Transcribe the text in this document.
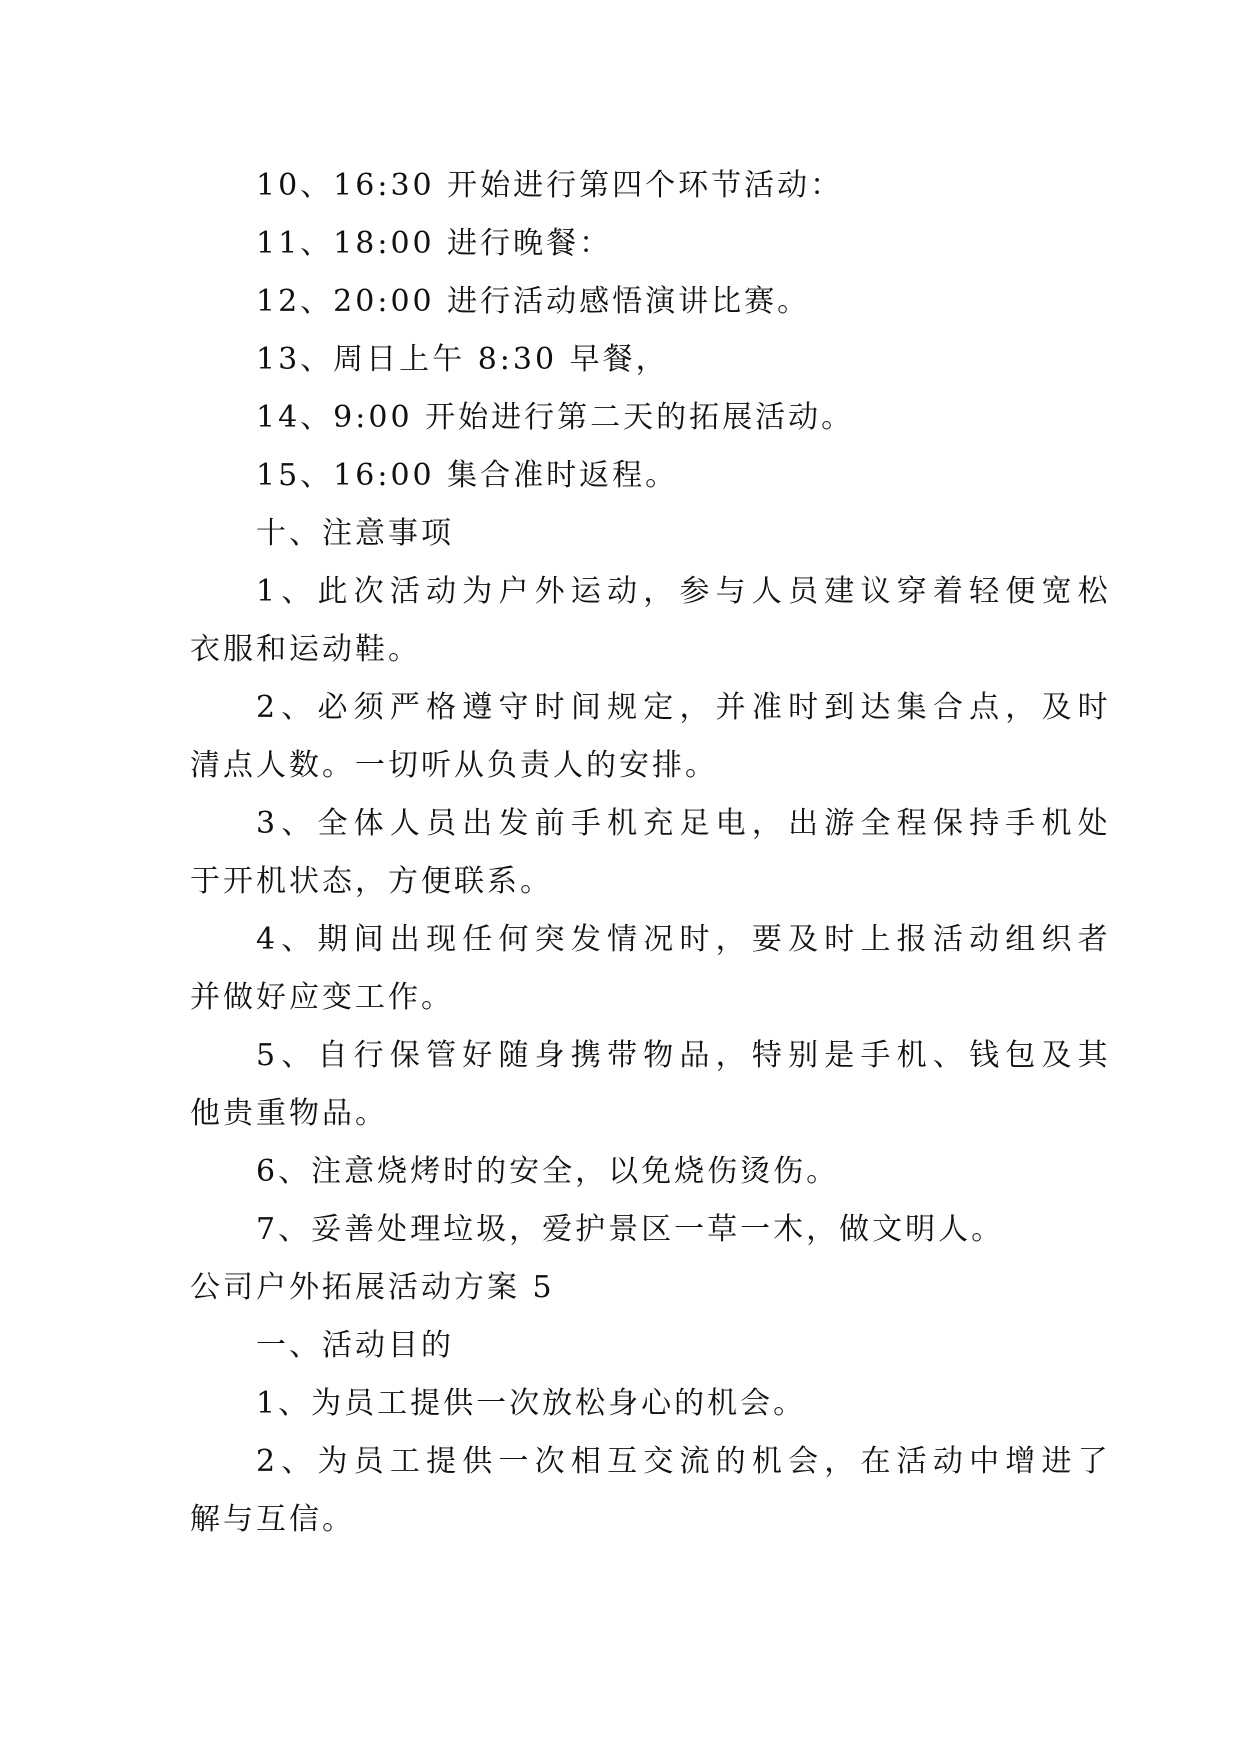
10、16:30 开始进行第四个环节活动：
11、18:00 进行晚餐：
12、20:00 进行活动感悟演讲比赛。
13、周日上午 8:30 早餐，
14、9:00 开始进行第二天的拓展活动。
15、16:00 集合准时返程。
十、注意事项
1、此次活动为户外运动，参与人员建议穿着轻便宽松
衣服和运动鞋。
2、必须严格遵守时间规定，并准时到达集合点，及时
清点人数。一切听从负责人的安排。
3、全体人员出发前手机充足电，出游全程保持手机处
于开机状态，方便联系。
4、期间出现任何突发情况时，要及时上报活动组织者
并做好应变工作。
5、自行保管好随身携带物品，特别是手机、钱包及其
他贵重物品。
6、注意烧烤时的安全，以免烧伤烫伤。
7、妥善处理垃圾，爱护景区一草一木，做文明人。
公司户外拓展活动方案 5
一、活动目的
1、为员工提供一次放松身心的机会。
2、为员工提供一次相互交流的机会，在活动中增进了
解与互信。
